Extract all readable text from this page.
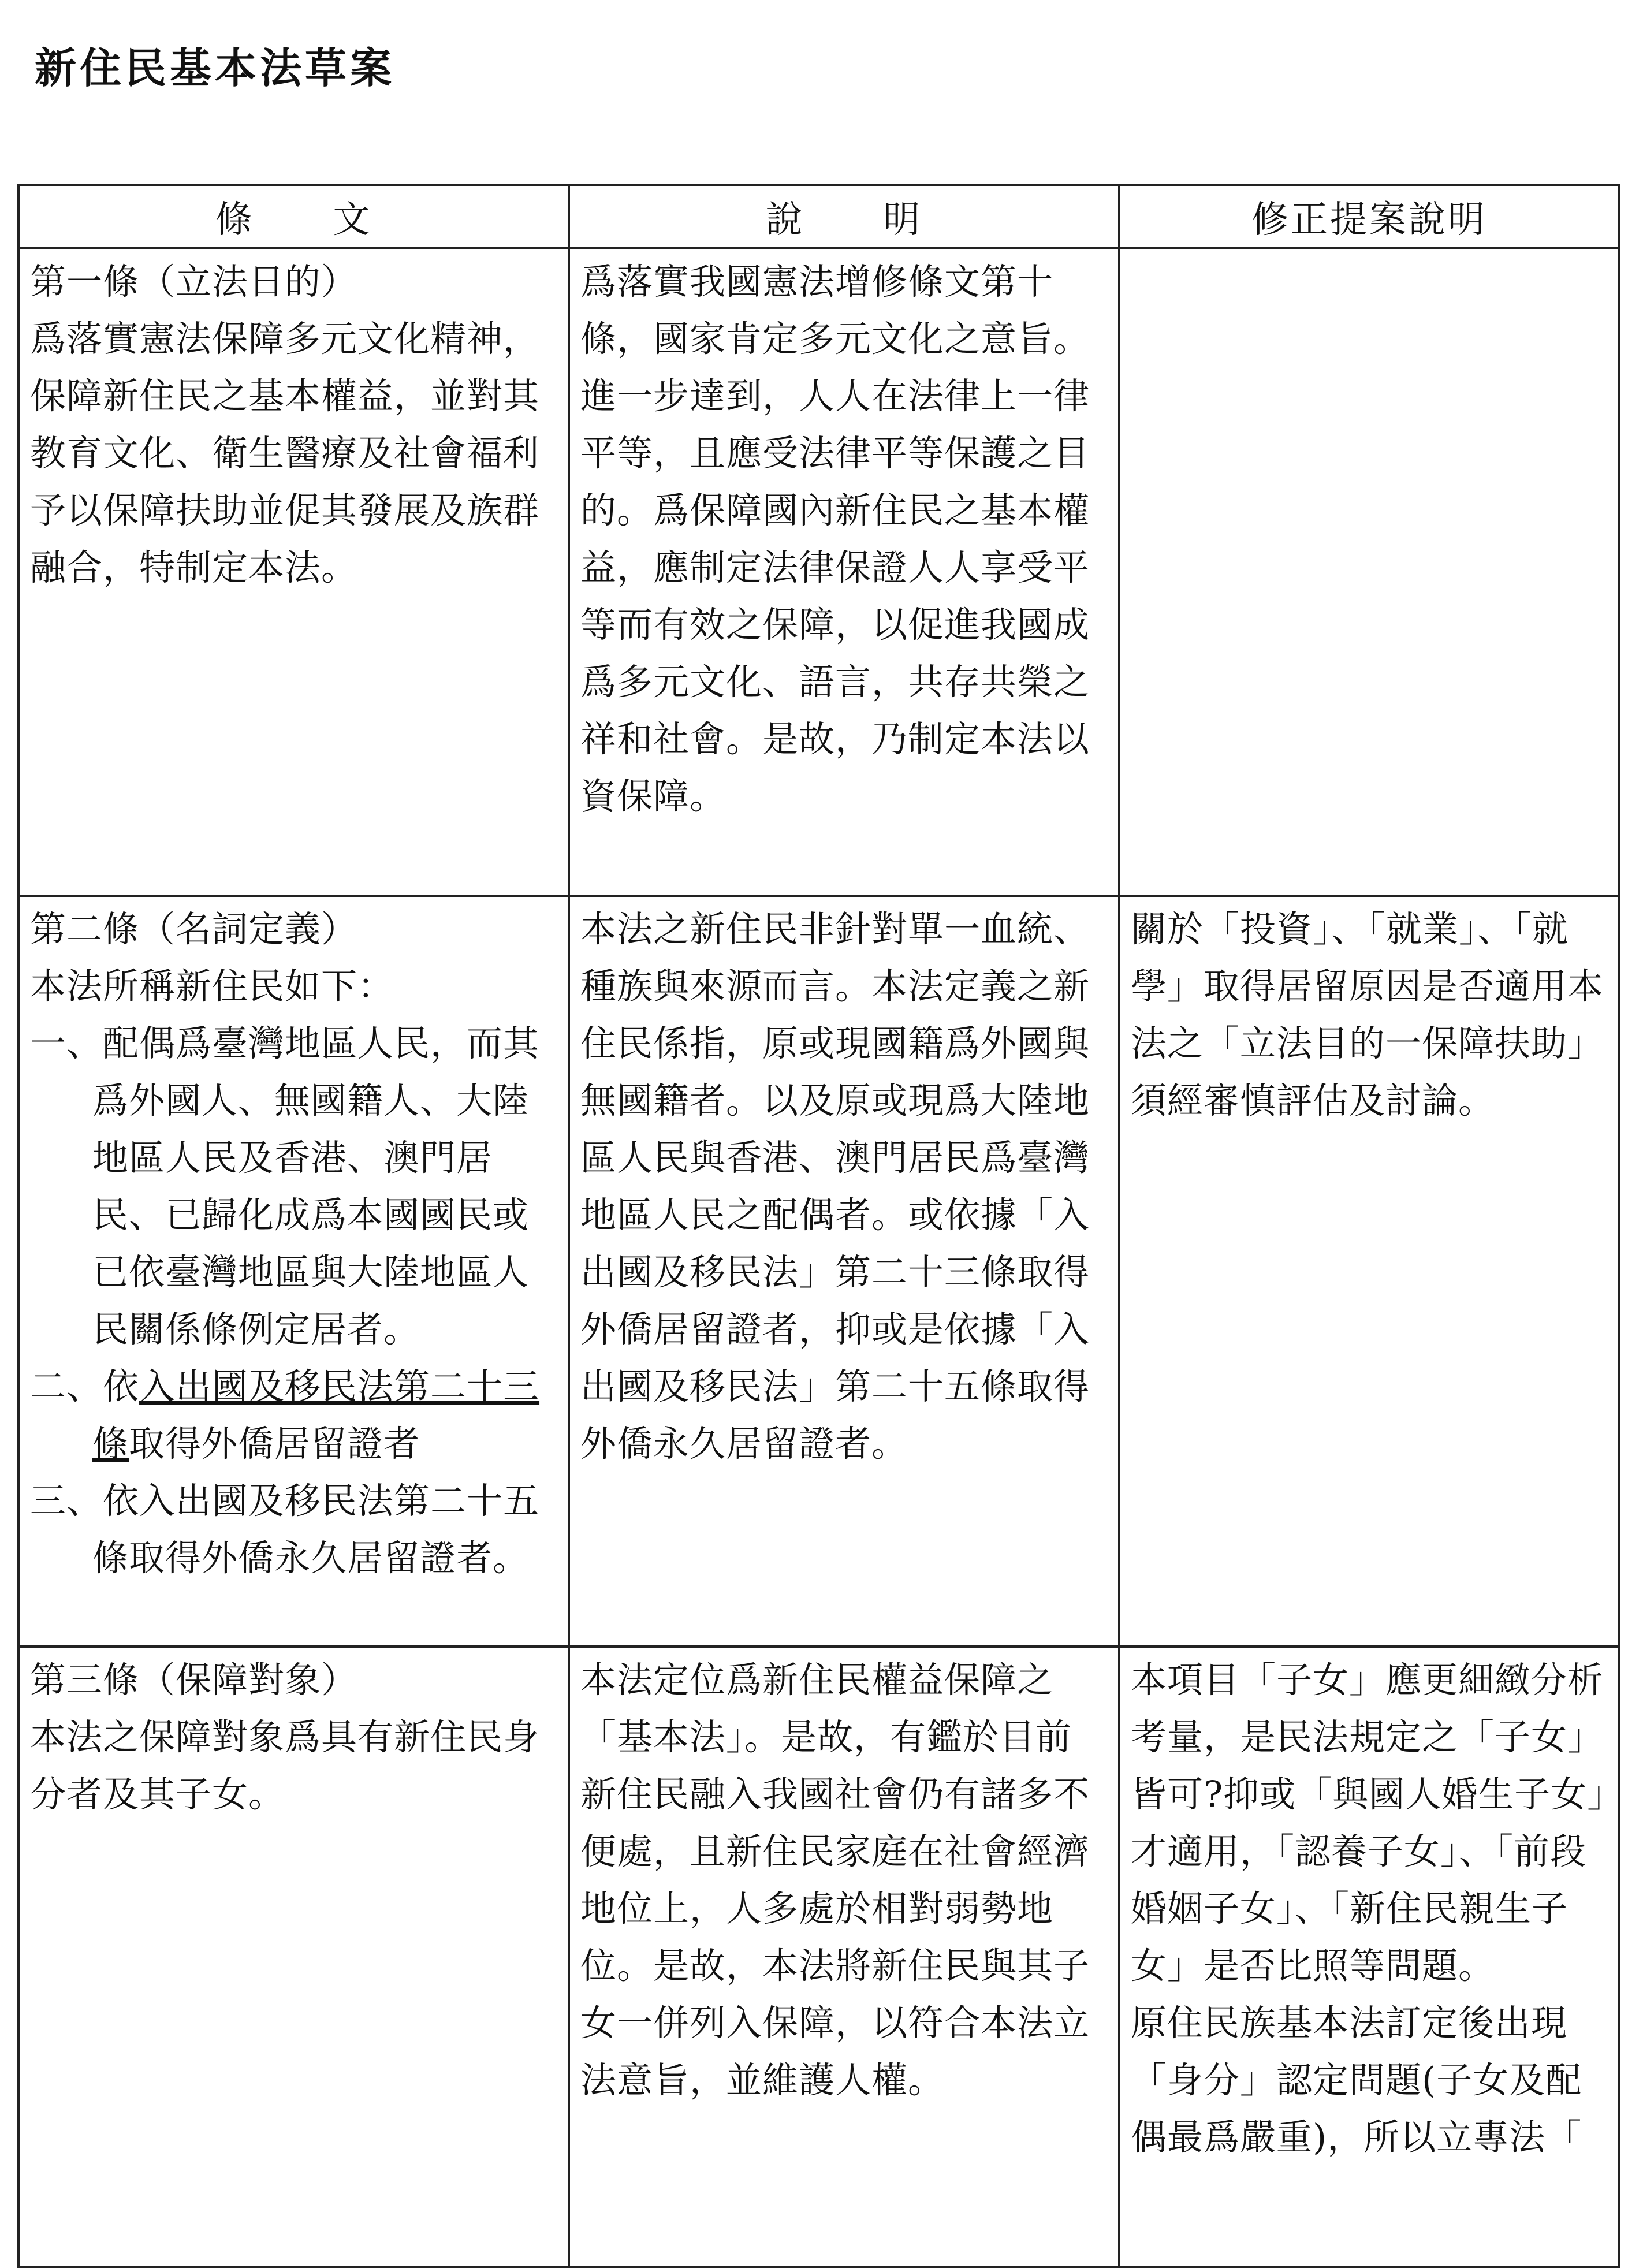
新住民基本法草案
條　　文	說　　明	修正提案說明

第一條（立法日的）
爲落實憲法保障多元文化精神，保障新住民之基本權益，並對其教育文化、衛生醫療及社會福利予以保障扶助並促其發展及族群融合，特制定本法。	爲落實我國憲法增修條文第十條，國家肯定多元文化之意旨。進一步達到，人人在法律上一律平等，且應受法律平等保護之目的。爲保障國內新住民之基本權益，應制定法律保證人人享受平等而有效之保障，以促進我國成爲多元文化、語言，共存共榮之祥和社會。是故，乃制定本法以資保障。	

第二條（名詞定義）
本法所稱新住民如下：
一、配偶爲臺灣地區人民，而其爲外國人、無國籍人、大陸地區人民及香港、澳門居民、已歸化成爲本國國民或已依臺灣地區與大陸地區人民關係條例定居者。
二、依入出國及移民法第二十三條取得外僑居留證者
三、依入出國及移民法第二十五條取得外僑永久居留證者。	本法之新住民非針對單一血統、種族與來源而言。本法定義之新住民係指，原或現國籍爲外國與無國籍者。以及原或現爲大陸地區人民與香港、澳門居民爲臺灣地區人民之配偶者。或依據「入出國及移民法」第二十三條取得外僑居留證者，抑或是依據「入出國及移民法」第二十五條取得外僑永久居留證者。	關於「投資」、「就業」、「就學」取得居留原因是否適用本法之「立法目的一保障扶助」須經審慎評估及討論。

第三條（保障對象）
本法之保障對象爲具有新住民身分者及其子女。	本法定位爲新住民權益保障之「基本法」。是故，有鑑於目前新住民融入我國社會仍有諸多不便處，且新住民家庭在社會經濟地位上，人多處於相對弱勢地位。是故，本法將新住民與其子女一併列入保障，以符合本法立法意旨，並維護人權。	本項目「子女」應更細緻分析考量，是民法規定之「子女」皆可?抑或「與國人婚生子女」才適用，「認養子女」、「前段婚姻子女」、「新住民親生子女」是否比照等問題。
原住民族基本法訂定後出現「身分」認定問題(子女及配偶最爲嚴重)，所以立專法「
